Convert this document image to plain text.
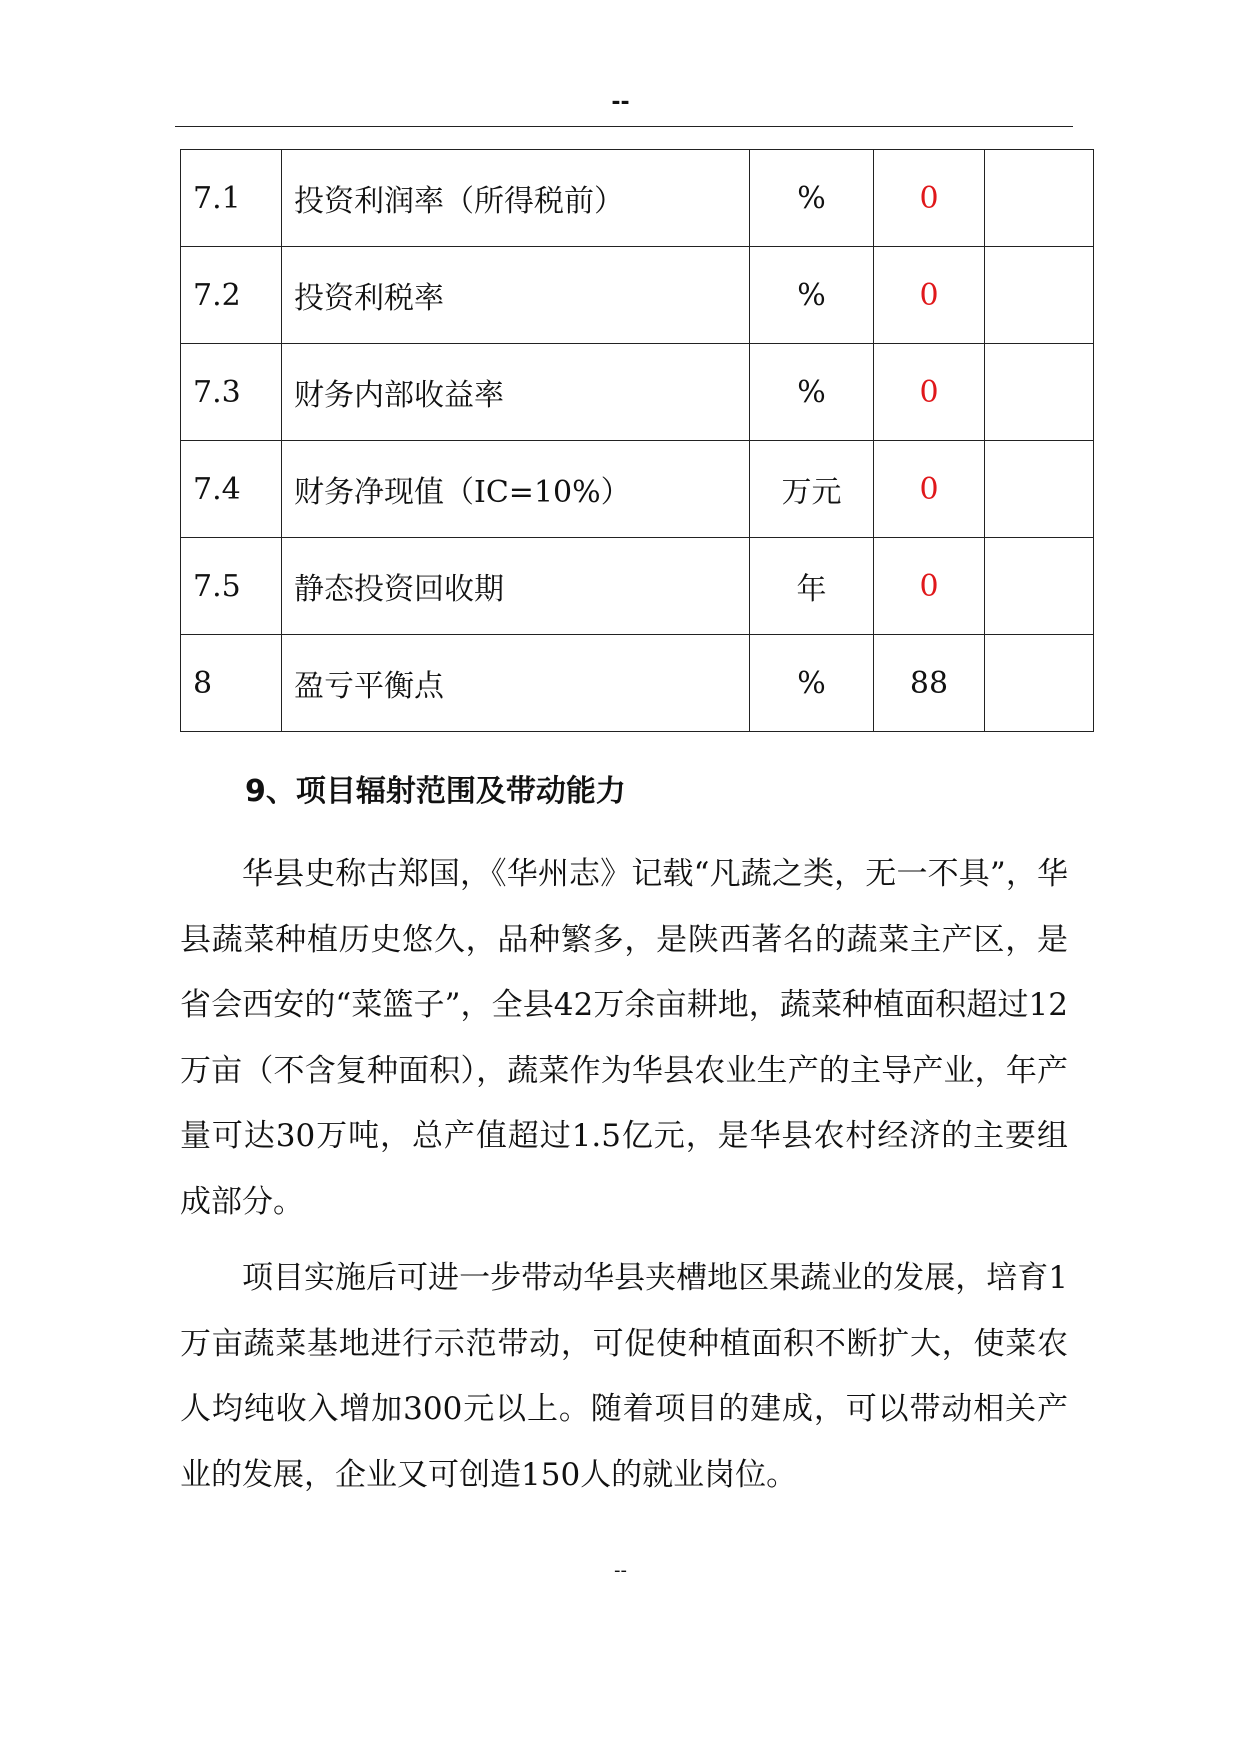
--
7.1	投资利润率（所得税前）	%	0	
7.2	投资利税率	%	0	
7.3	财务内部收益率	%	0	
7.4	财务净现值（IC=10%）	万元	0	
7.5	静态投资回收期	年	0	
8	盈亏平衡点	%	88	
9、项目辐射范围及带动能力

华县史称古郑国，《华州志》记载“凡蔬之类，无一不具”，华县蔬菜种植历史悠久，品种繁多，是陕西著名的蔬菜主产区，是省会西安的“菜篮子”，全县42万余亩耕地，蔬菜种植面积超过12万亩（不含复种面积），蔬菜作为华县农业生产的主导产业，年产量可达30万吨，总产值超过1.5亿元，是华县农村经济的主要组成部分。

项目实施后可进一步带动华县夹槽地区果蔬业的发展，培育1万亩蔬菜基地进行示范带动，可促使种植面积不断扩大，使菜农人均纯收入增加300元以上。随着项目的建成，可以带动相关产业的发展，企业又可创造150人的就业岗位。

--
